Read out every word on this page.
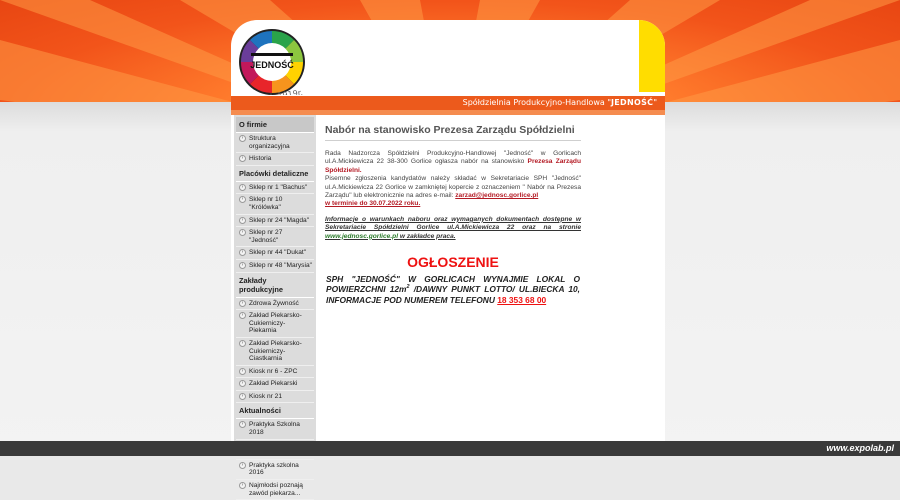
JEDNOŚĆ
Spółdzielnia Produkcyjno-Handlowa "JEDNOŚĆ"
O firmie
› Struktura organizacyjna
› Historia
Placówki detaliczne
› Sklep nr 1 "Bachus"
› Sklep nr 10 "Królówka"
› Sklep nr 24 "Magda"
› Sklep nr 27 "Jedność"
› Sklep nr 44 "Dukat"
› Sklep nr 48 "Marysia"
Zakłady produkcyjne
› Zdrowa Żywność
› Zakład Piekarsko-Cukierniczy-Piekarnia
› Zakład Piekarsko-Cukierniczy-Ciastkarnia
› Kiosk nr 6 - ZPC
› Zakład Piekarski
› Kiosk nr 21
Aktualności
› Praktyka Szkolna 2018
› Praktyka szkolna 2016
› Najmłodsi poznają zawód piekarza...
Nabór na stanowisko Prezesa Zarządu Spółdzielni

Rada Nadzorcza Spółdzielni Produkcyjno-Handlowej "Jedność" w Gorlicach ul.A.Mickiewicza 22 38-300 Gorlice ogłasza nabór na stanowisko Prezesa Zarządu Spółdzielni.
Pisemne zgłoszenia kandydatów należy składać w Sekretariacie SPH "Jedność" ul.A.Mickiewicza 22 Gorlice w zamkniętej kopercie z oznaczeniem " Nabór na Prezesa Zarządu" lub elektronicznie na adres e-mail: zarzad@jednosc.gorlice.pl
w terminie do 30.07.2022 roku.

Informacje o warunkach naboru oraz wymaganych dokumentach dostępne w Sekretariacie Spółdzielni Gorlice ul.A.Mickiewicza 22 oraz na stronie www.jednosc.gorlice.pl w zakładce praca.

OGŁOSZENIE

SPH "JEDNOŚĆ" W GORLICACH WYNAJMIE LOKAL O POWIERZCHNI $12m^2$ /DAWNY PUNKT LOTTO/ UL.BIECKA 10, INFORMACJE POD NUMEREM TELEFONU 18 353 68 00

www.expolab.pl
